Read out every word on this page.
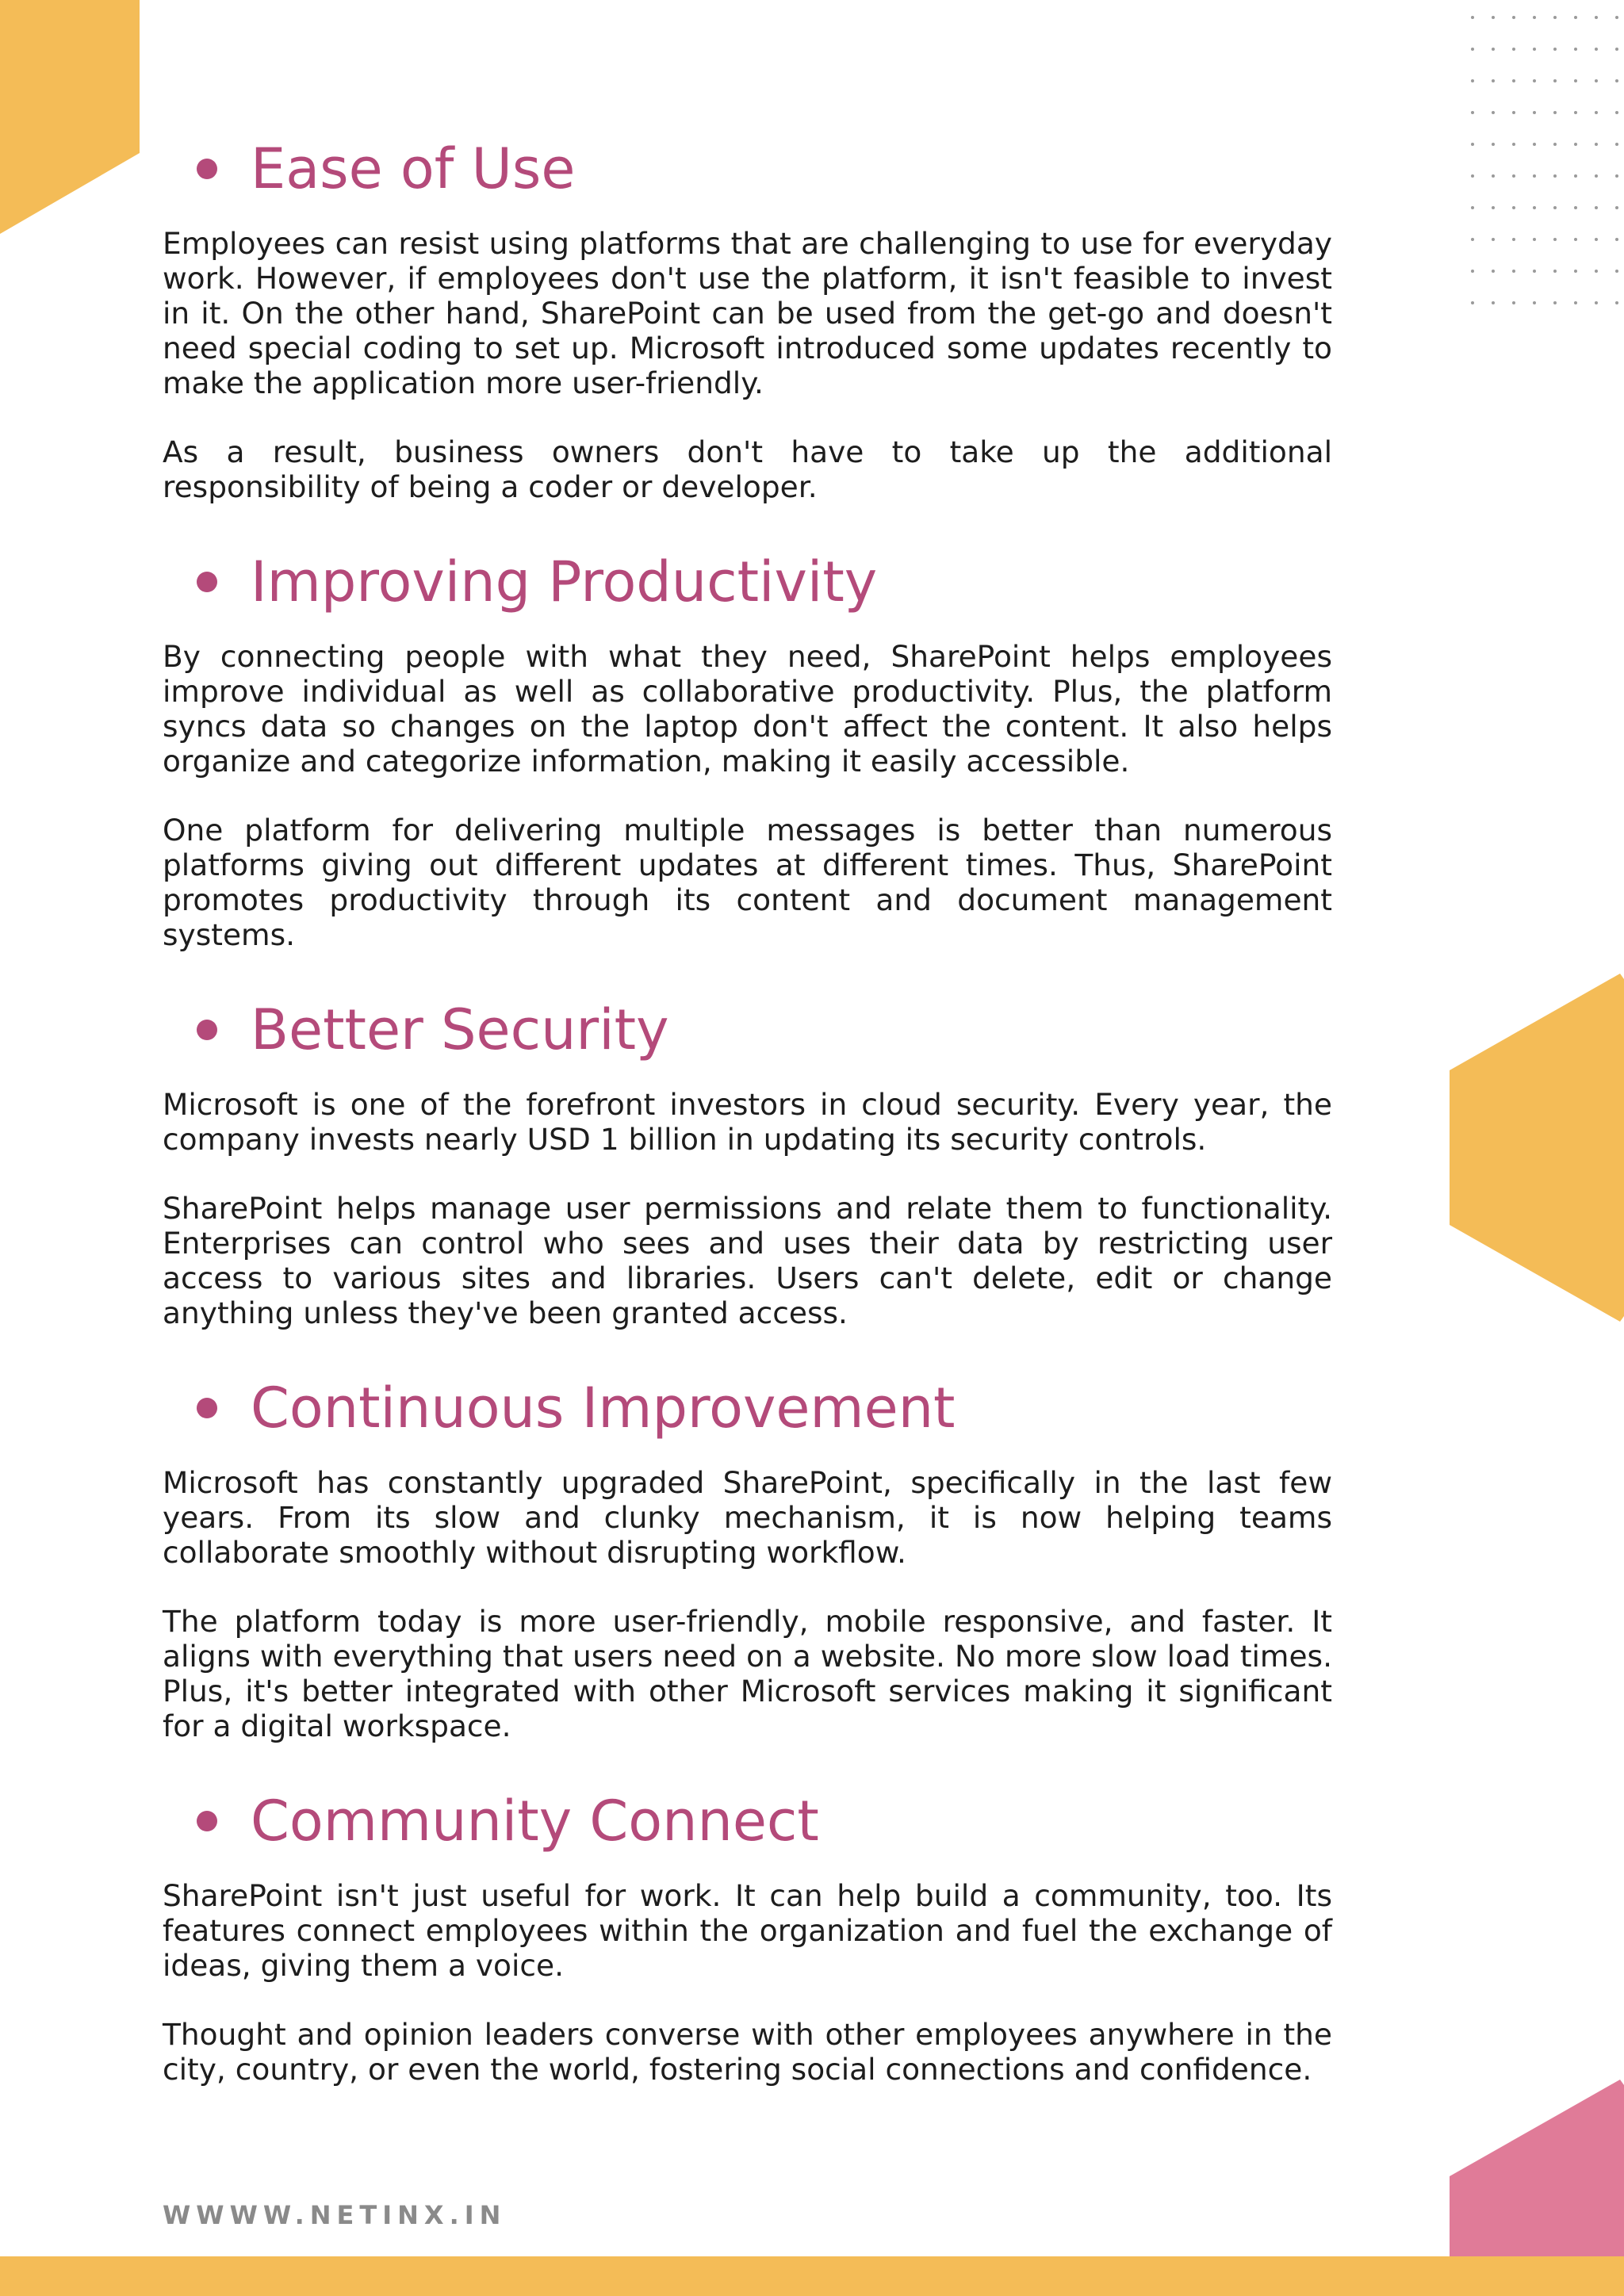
Ease of Use

Employees can resist using platforms that are challenging to use for everyday work. However, if employees don't use the platform, it isn't feasible to invest in it. On the other hand, SharePoint can be used from the get-go and doesn't need special coding to set up. Microsoft introduced some updates recently to make the application more user-friendly.

As a result, business owners don't have to take up the additional responsibility of being a coder or developer.

Improving Productivity

By connecting people with what they need, SharePoint helps employees improve individual as well as collaborative productivity. Plus, the platform syncs data so changes on the laptop don't affect the content. It also helps organize and categorize information, making it easily accessible.

One platform for delivering multiple messages is better than numerous platforms giving out different updates at different times. Thus, SharePoint promotes productivity through its content and document management systems.

Better Security

Microsoft is one of the forefront investors in cloud security. Every year, the company invests nearly USD 1 billion in updating its security controls.

SharePoint helps manage user permissions and relate them to functionality. Enterprises can control who sees and uses their data by restricting user access to various sites and libraries. Users can't delete, edit or change anything unless they've been granted access.

Continuous Improvement

Microsoft has constantly upgraded SharePoint, specifically in the last few years. From its slow and clunky mechanism, it is now helping teams collaborate smoothly without disrupting workflow.

The platform today is more user-friendly, mobile responsive, and faster. It aligns with everything that users need on a website. No more slow load times. Plus, it's better integrated with other Microsoft services making it significant for a digital workspace.

Community Connect

SharePoint isn't just useful for work. It can help build a community, too. Its features connect employees within the organization and fuel the exchange of ideas, giving them a voice.

Thought and opinion leaders converse with other employees anywhere in the city, country, or even the world, fostering social connections and confidence.

WWWW.NETINX.IN
